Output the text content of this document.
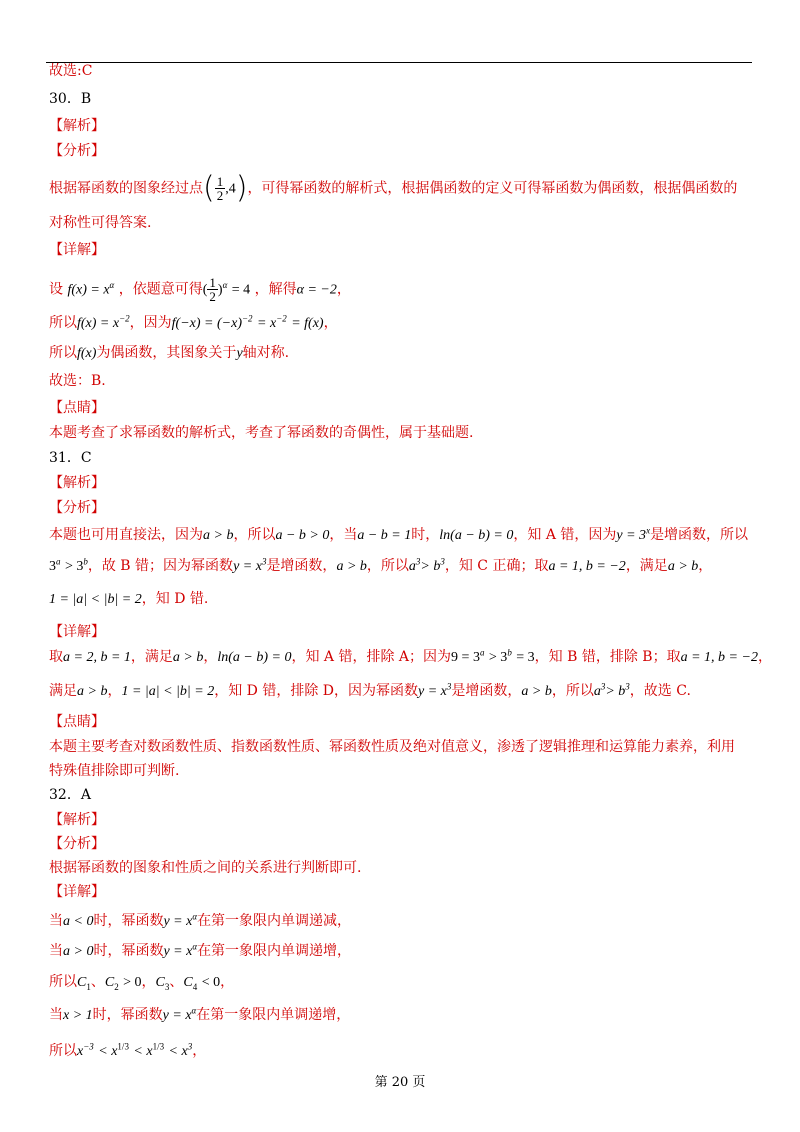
故选:C
30．B
【解析】
【分析】
根据幂函数的图象经过点( $\frac{1}{2} ,4$)，可得幂函数的解析式，根据偶函数的定义可得幂函数为偶函数，根据偶函数的
对称性可得答案.
【详解】
设 $f(x) = x^\alpha$ ，依题意可得( $\frac{1}{2} )^\alpha = 4$ ，解得α = −2，
所以$f(x) = x^{-2}$，因为$f(-x) = (-x)^{-2} = x^{-2} = f(x)$，
所以f(x)为偶函数，其图象关于y轴对称.
故选：B.
【点睛】
本题考查了求幂函数的解析式，考查了幂函数的奇偶性，属于基础题.
31．C
【解析】
【分析】
本题也可用直接法，因为a > b，所以a − b > 0，当a − b = 1时，ln(a − b) = 0，知 A 错，因为$y = 3^x$是增函数，所以
$3^a > 3^b$，故 B 错；因为幂函数$y = x^3$是增函数，a > b，所以$a^3> b^3$，知 C 正确；取a = 1, b = −2，满足a > b，
1 = |a| < |b| = 2，知 D 错.
【详解】
取a = 2, b = 1，满足a > b，ln(a − b) = 0，知 A 错，排除 A；因为$9 = 3^a > 3^b = 3$，知 B 错，排除 B；取a = 1, b = −2，
满足a > b，1 = |a| < |b| = 2，知 D 错，排除 D，因为幂函数$y = x^3$是增函数，a > b，所以$a^3> b^3$，故选 C.
【点睛】
本题主要考查对数函数性质、指数函数性质、幂函数性质及绝对值意义，渗透了逻辑推理和运算能力素养，利用
特殊值排除即可判断.
32．A
【解析】
【分析】
根据幂函数的图象和性质之间的关系进行判断即可.
【详解】
当a < 0时，幂函数$y = x^\alpha$在第一象限内单调递减，
当a > 0时，幂函数$y = x^\alpha$在第一象限内单调递增，
所以$C_1$、$C_2 > 0$，$C_3$、$C_4 < 0$，
当x > 1时，幂函数$y = x^\alpha$在第一象限内单调递增，
所以$x^{-3} < x^{1/3} < x^{1/3} < x^3$，
第 20 页
